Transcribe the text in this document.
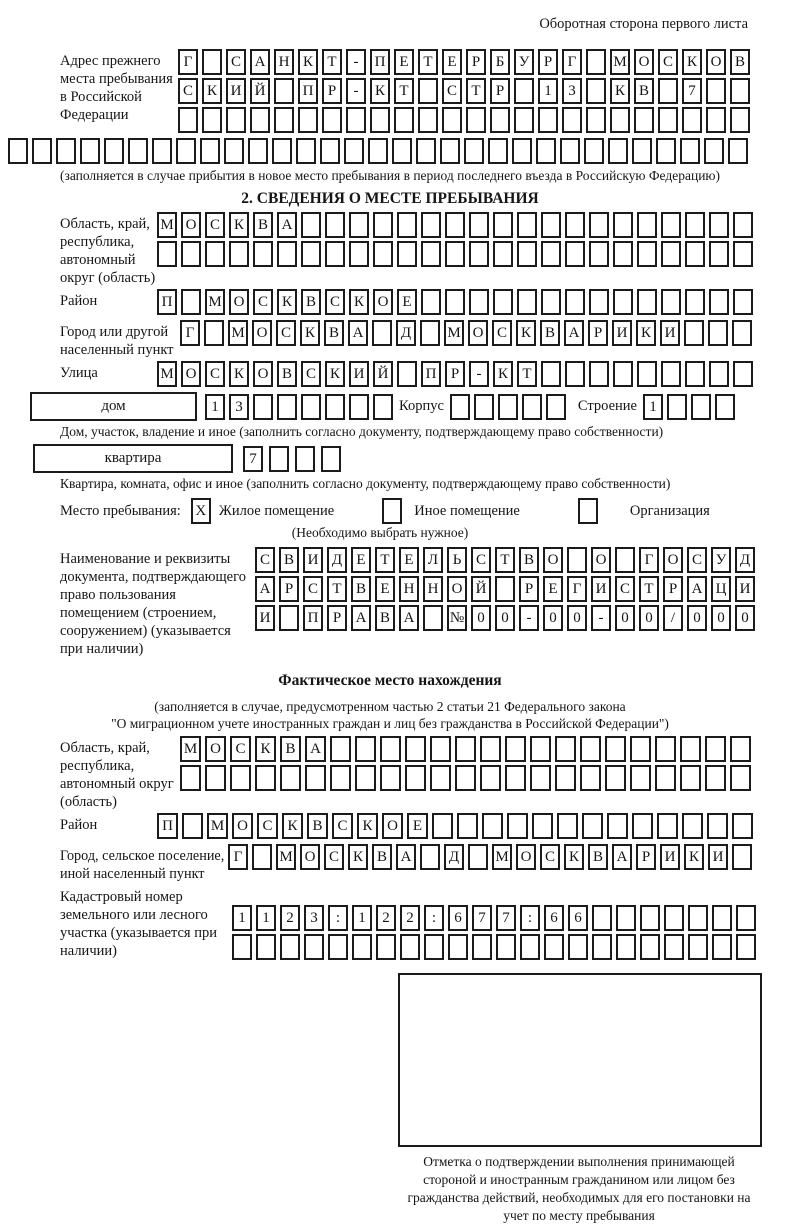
Оборотная сторона первого листа
Адрес прежнего места пребывания в Российской Федерации
Г	С А Н К Т - П Е Т Е Р Б У Р Г М О С К О В
С К И Й П Р - К Т	С Т Р	1 3	К В	7
(заполняется в случае прибытия в новое место пребывания в период последнего въезда в Российскую Федерацию)
2. СВЕДЕНИЯ О МЕСТЕ ПРЕБЫВАНИЯ
Область, край, республика, автономный округ (область)
М О С К В А
Район	П М О С К В С К О Е
Город или другой населенный пункт
Г М О С К В А Д М О С К В А Р И К И
Улица	М О С К О В С К И Й П Р - К Т
дом	1 3	Корпус	Строение 1
Дом, участок, владение и иное (заполнить согласно документу, подтверждающему право собственности)
квартира	7
Квартира, комната, офис и иное (заполнить согласно документу, подтверждающему право собственности)
Место пребывания: X Жилое помещение	Иное помещение	Организация
(Необходимо выбрать нужное)
Наименование и реквизиты документа, подтверждающего право пользования помещением (строением, сооружением) (указывается при наличии)
С В И Д Е Т Е Л Ь С Т В О О	Г О С У Д
А Р С Т В Е Н Н О Й	Р Е Г И С Т Р А Ц И
И П Р А В А № 0 0 - 0 0 - 0 0 / 0 0 0
Фактическое место нахождения
(заполняется в случае, предусмотренном частью 2 статьи 21 Федерального закона
"О миграционном учете иностранных граждан и лиц без гражданства в Российской Федерации")
Область, край, республика, автономный округ (область)
М О С К В А
Район	П	М О С К В С К О Е
Город, сельское поселение, иной населенный пункт
Г М О С К В А Д М О С К В А Р И К И
Кадастровый номер земельного или лесного участка (указывается при наличии)
1 1 2 3 : 1 2 2 : 6 7 7 : 6 6
Отметка о подтверждении выполнения принимающей стороной и иностранным гражданином или лицом без гражданства действий, необходимых для его постановки на учет по месту пребывания
